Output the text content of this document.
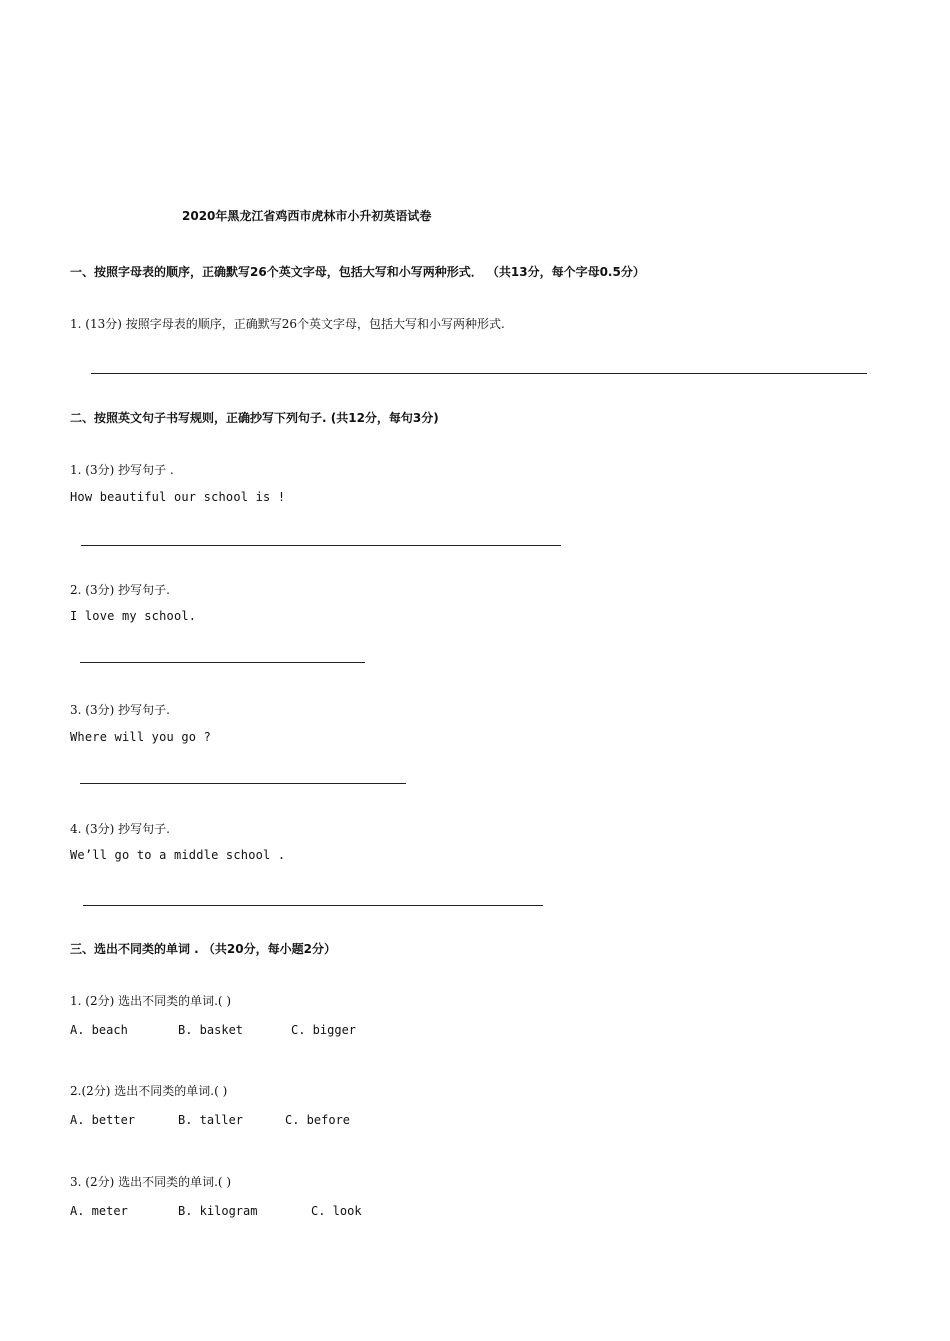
2020年黑龙江省鸡西市虎林市小升初英语试卷
一、按照字母表的顺序，正确默写26个英文字母，包括大写和小写两种形式． （共13分，每个字母0.5分）
1. (13分) 按照字母表的顺序，正确默写26个英文字母，包括大写和小写两种形式.
二、按照英文句子书写规则，正确抄写下列句子. (共12分，每句3分)
1. (3分) 抄写句子 .
How beautiful our school is !
2. (3分) 抄写句子.
I love my school.
3. (3分) 抄写句子.
Where will you go ?
4. (3分) 抄写句子.
We’ll go to a middle school .
三、选出不同类的单词 . （共20分，每小题2分）
1. (2分) 选出不同类的单词.( )
A. beach	B. basket	C. bigger
2.(2分) 选出不同类的单词.( )
A. better	B. taller	C. before
3. (2分) 选出不同类的单词.( )
A. meter	B. kilogram	C. look
